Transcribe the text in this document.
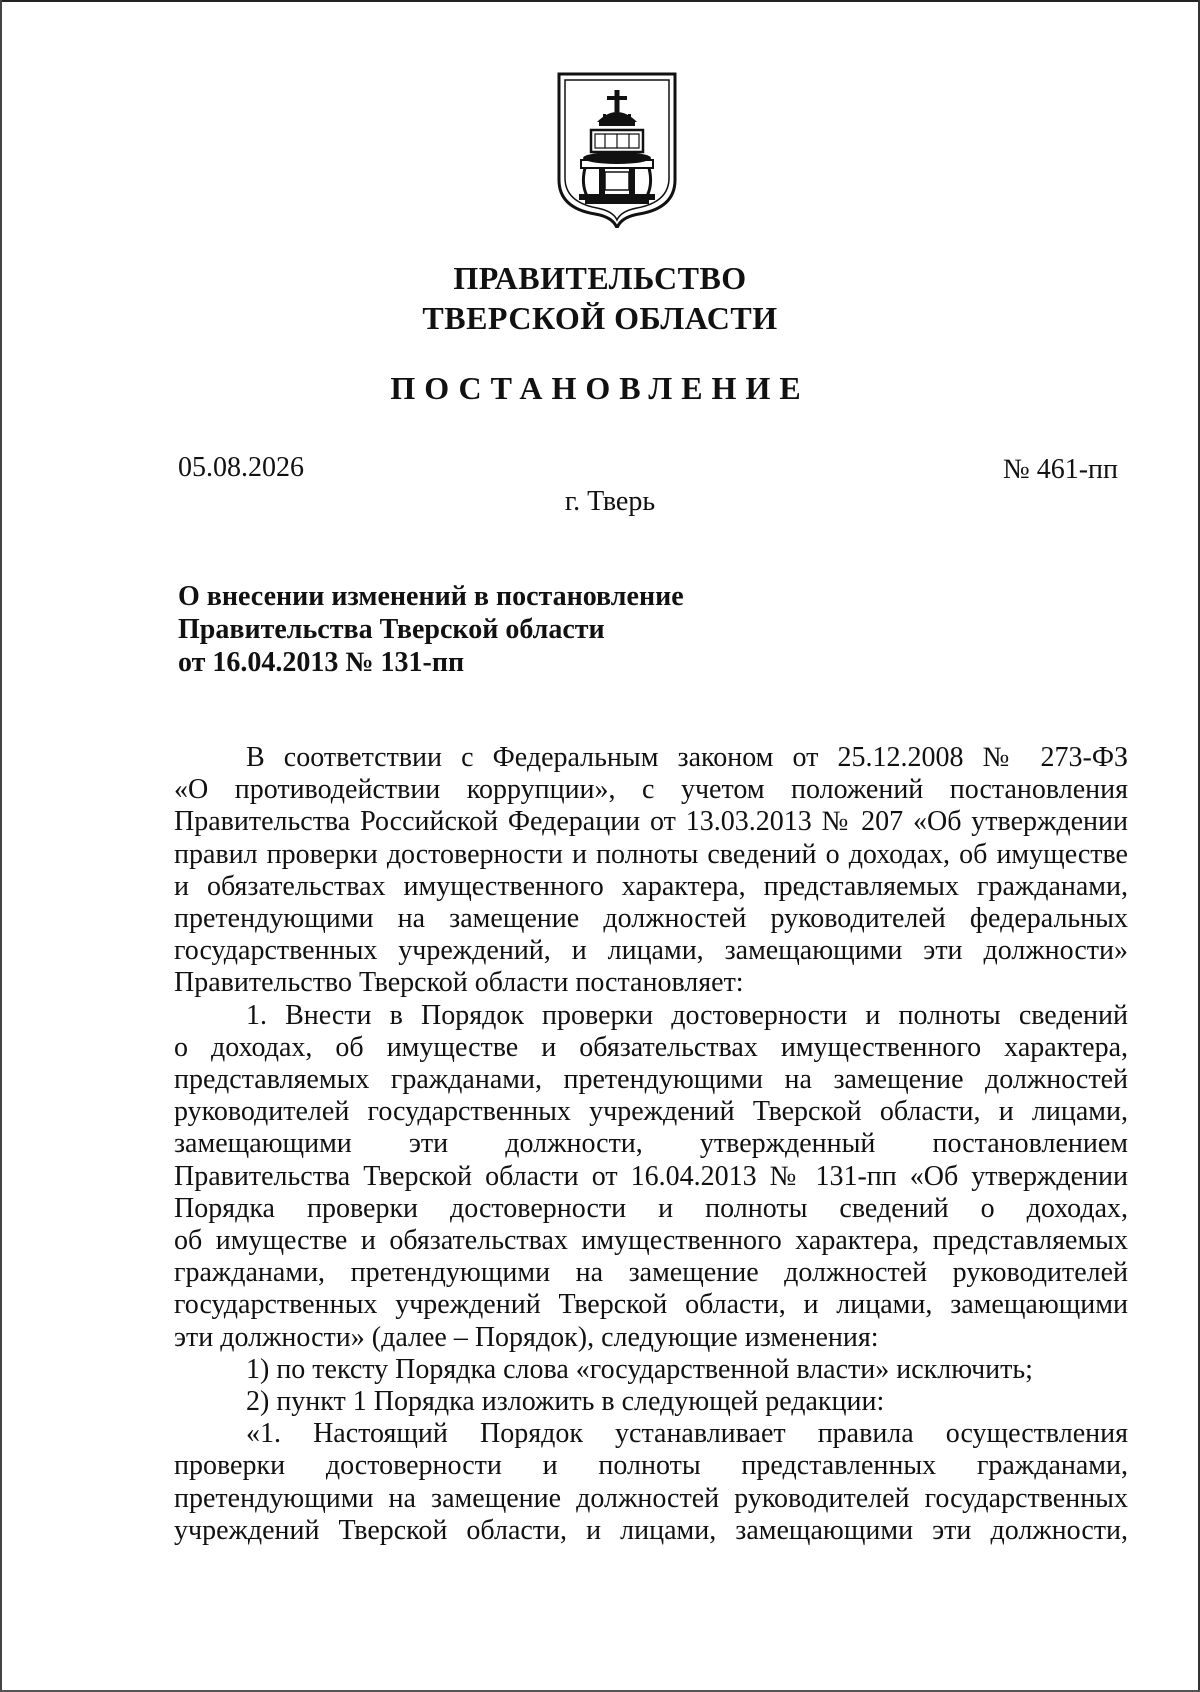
ПРАВИТЕЛЬСТВО
ТВЕРСКОЙ ОБЛАСТИ
ПОСТАНОВЛЕНИЕ
05.08.2026	№ 461-пп
г. Тверь
О внесении изменений в постановление
Правительства Тверской области
от 16.04.2013 № 131-пп
В соответствии с Федеральным законом от 25.12.2008 № 273-ФЗ
«О противодействии коррупции», с учетом положений постановления
Правительства Российской Федерации от 13.03.2013 № 207 «Об утверждении
правил проверки достоверности и полноты сведений о доходах, об имуществе
и обязательствах имущественного характера, представляемых гражданами,
претендующими на замещение должностей руководителей федеральных
государственных учреждений, и лицами, замещающими эти должности»
Правительство Тверской области постановляет:
1. Внести в Порядок проверки достоверности и полноты сведений
о доходах, об имуществе и обязательствах имущественного характера,
представляемых гражданами, претендующими на замещение должностей
руководителей государственных учреждений Тверской области, и лицами,
замещающими эти должности, утвержденный постановлением
Правительства Тверской области от 16.04.2013 № 131-пп «Об утверждении
Порядка проверки достоверности и полноты сведений о доходах,
об имуществе и обязательствах имущественного характера, представляемых
гражданами, претендующими на замещение должностей руководителей
государственных учреждений Тверской области, и лицами, замещающими
эти должности» (далее – Порядок), следующие изменения:
1) по тексту Порядка слова «государственной власти» исключить;
2) пункт 1 Порядка изложить в следующей редакции:
«1. Настоящий Порядок устанавливает правила осуществления
проверки достоверности и полноты представленных гражданами,
претендующими на замещение должностей руководителей государственных
учреждений Тверской области, и лицами, замещающими эти должности,
